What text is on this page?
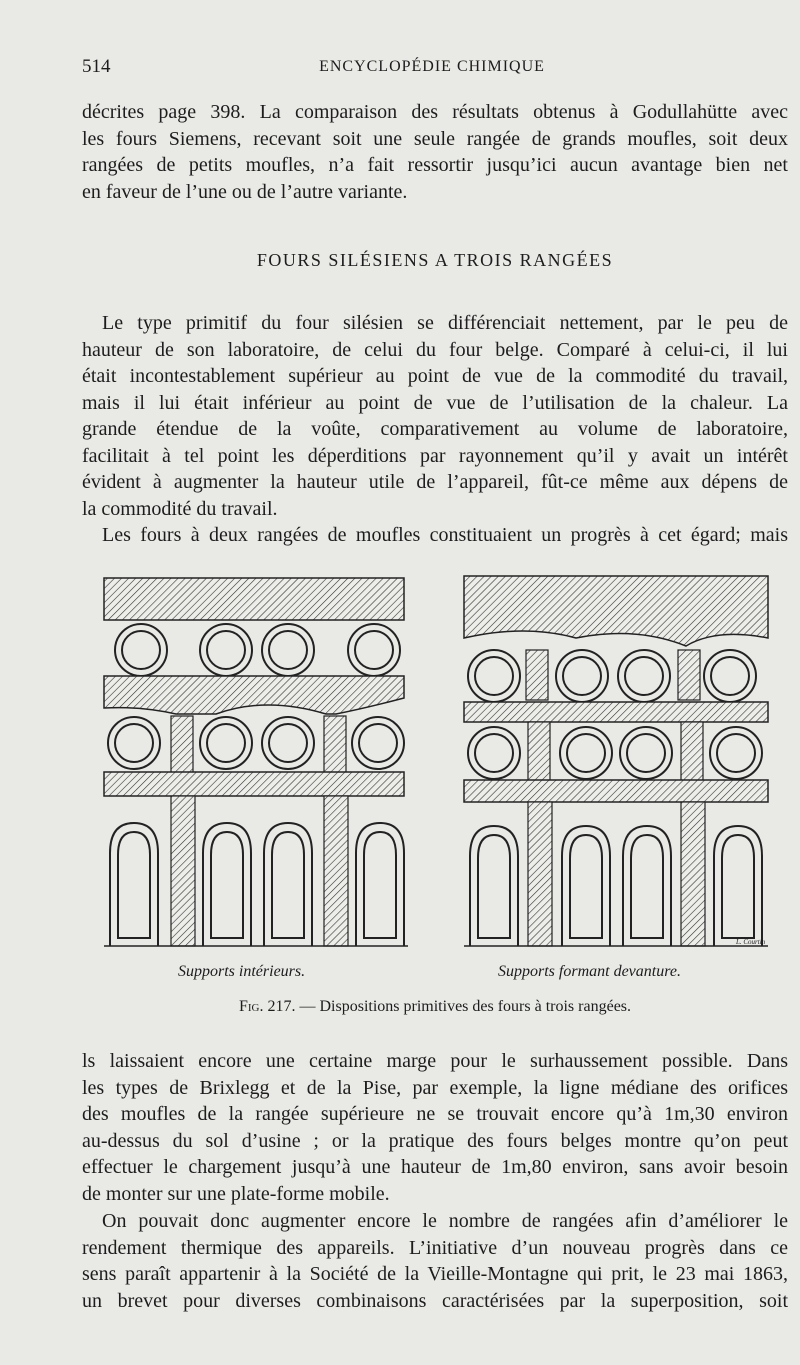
514	ENCYCLOPÉDIE CHIMIQUE

décrites page 398. La comparaison des résultats obtenus à Godullahütte avec
les fours Siemens, recevant soit une seule rangée de grands moufles, soit deux
rangées de petits moufles, n’a fait ressortir jusqu’ici aucun avantage bien net
en faveur de l’une ou de l’autre variante.

FOURS SILÉSIENS A TROIS RANGÉES

Le type primitif du four silésien se différenciait nettement, par le peu de
hauteur de son laboratoire, de celui du four belge. Comparé à celui-ci, il lui
était incontestablement supérieur au point de vue de la commodité du travail,
mais il lui était inférieur au point de vue de l’utilisation de la chaleur. La
grande étendue de la voûte, comparativement au volume de laboratoire,
facilitait à tel point les déperditions par rayonnement qu’il y avait un intérêt
évident à augmenter la hauteur utile de l’appareil, fût-ce même aux dépens de
la commodité du travail.

Les fours à deux rangées de moufles constituaient un progrès à cet égard; mais

L. Courtin
Supports intérieurs.	Supports formant devanture.
Fig. 217. — Dispositions primitives des fours à trois rangées.

ls laissaient encore une certaine marge pour le surhaussement possible. Dans
les types de Brixlegg et de la Pise, par exemple, la ligne médiane des orifices
des moufles de la rangée supérieure ne se trouvait encore qu’à 1m,30 environ
au-dessus du sol d’usine ; or la pratique des fours belges montre qu’on peut
effectuer le chargement jusqu’à une hauteur de 1m,80 environ, sans avoir besoin
de monter sur une plate-forme mobile.

On pouvait donc augmenter encore le nombre de rangées afin d’améliorer le
rendement thermique des appareils. L’initiative d’un nouveau progrès dans ce
sens paraît appartenir à la Société de la Vieille-Montagne qui prit, le 23 mai 1863,
un brevet pour diverses combinaisons caractérisées par la superposition, soit
